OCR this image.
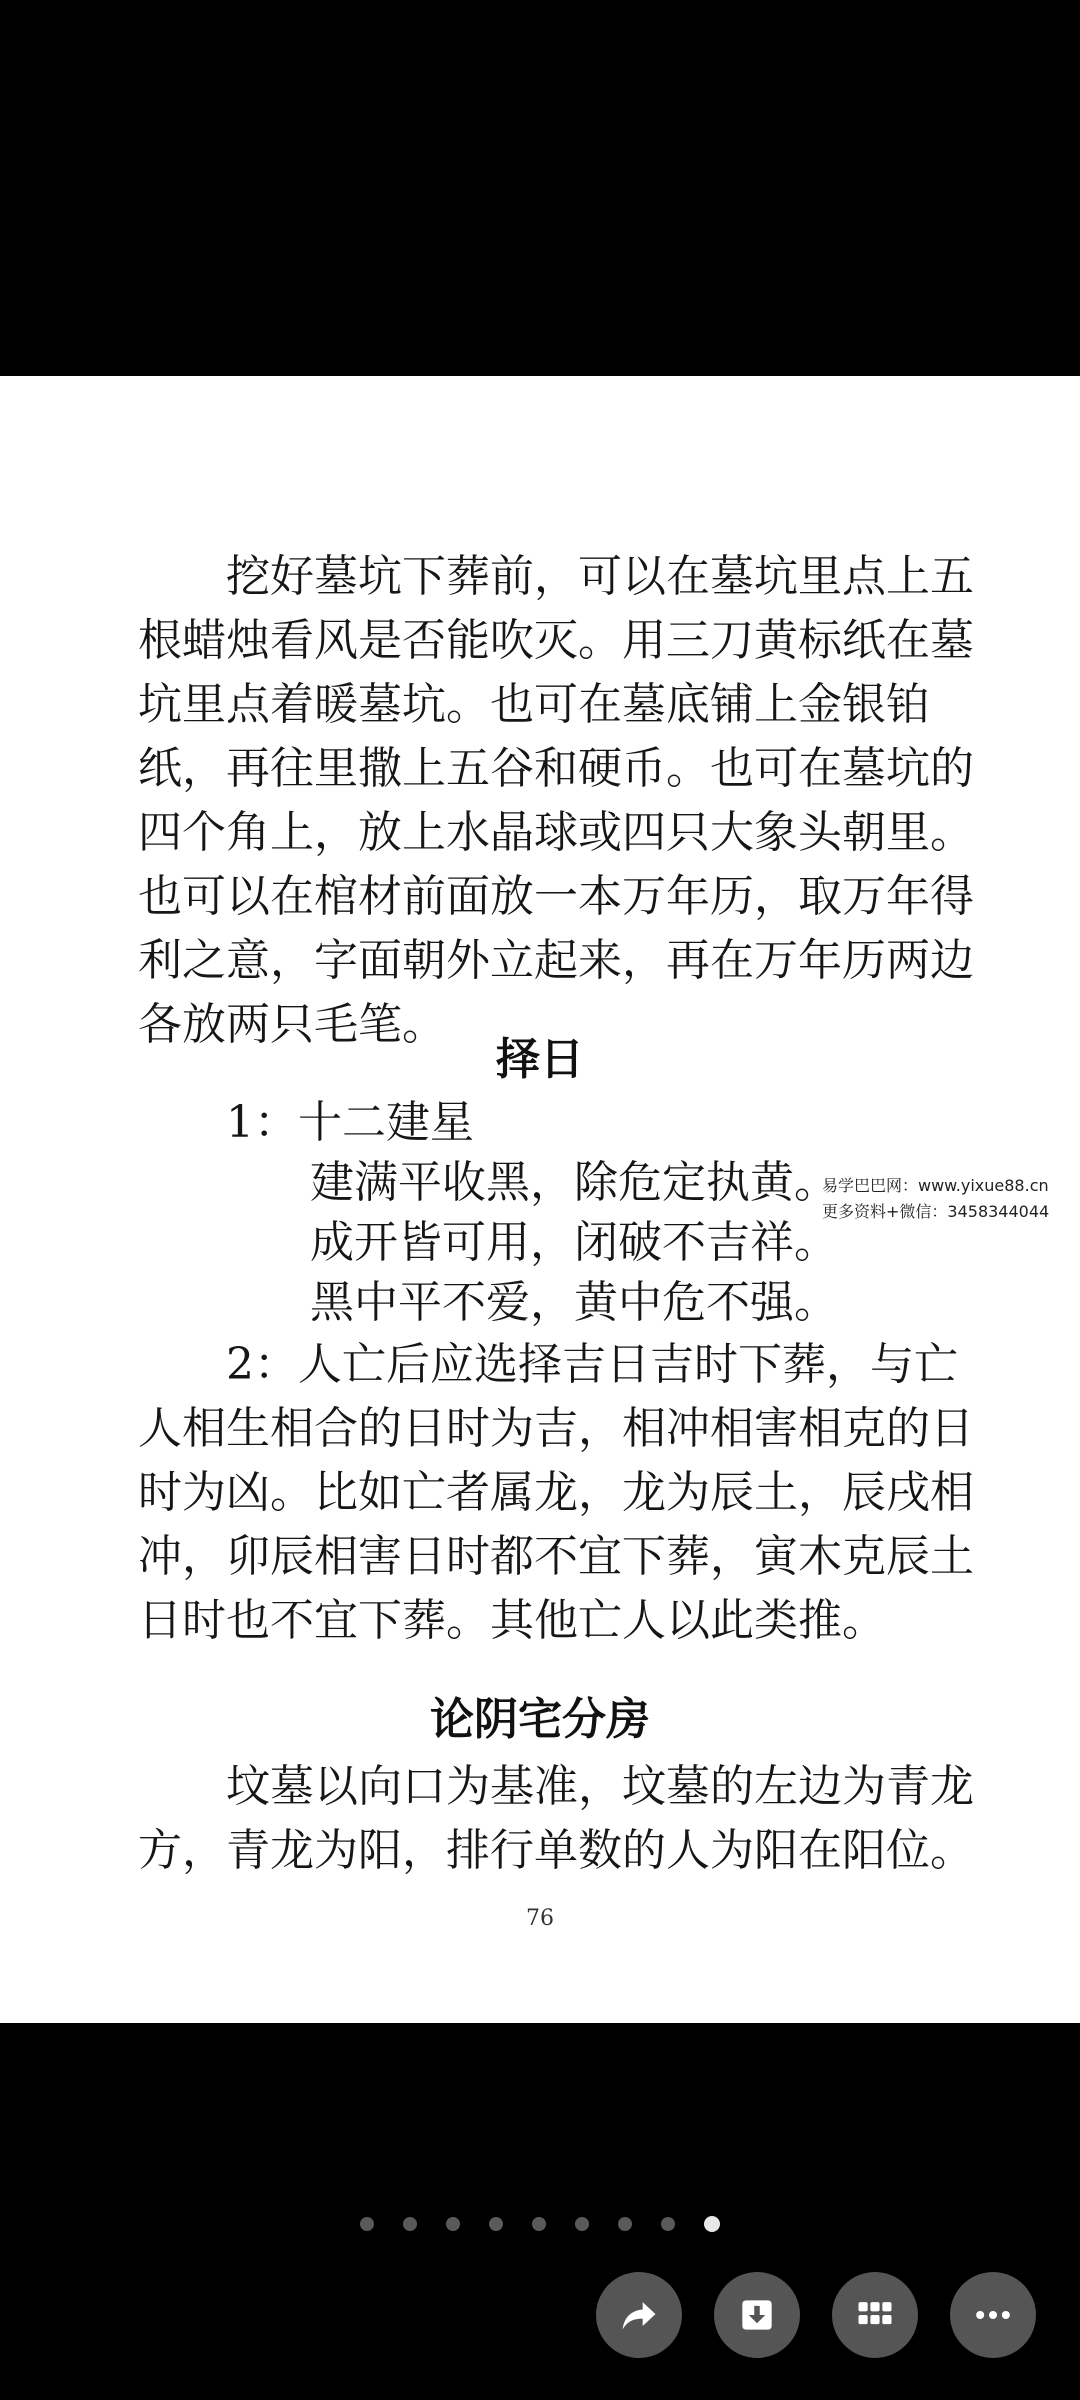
　　挖好墓坑下葬前，可以在墓坑里点上五
根蜡烛看风是否能吹灭。用三刀黄标纸在墓
坑里点着暖墓坑。也可在墓底铺上金银铂
纸，再往里撒上五谷和硬币。也可在墓坑的
四个角上，放上水晶球或四只大象头朝里。
也可以在棺材前面放一本万年历，取万年得
利之意，字面朝外立起来，再在万年历两边
各放两只毛笔。
择日
1：十二建星
建满平收黑，除危定执黄。
成开皆可用，闭破不吉祥。
黑中平不爱，黄中危不强。
　　2：人亡后应选择吉日吉时下葬，与亡
人相生相合的日时为吉，相冲相害相克的日
时为凶。比如亡者属龙，龙为辰土，辰戌相
冲，卯辰相害日时都不宜下葬，寅木克辰土
日时也不宜下葬。其他亡人以此类推。
论阴宅分房
　　坟墓以向口为基准，坟墓的左边为青龙
方，青龙为阳，排行单数的人为阳在阳位。
76
易学巴巴网：www.yixue88.cn
更多资料+微信：3458344044
